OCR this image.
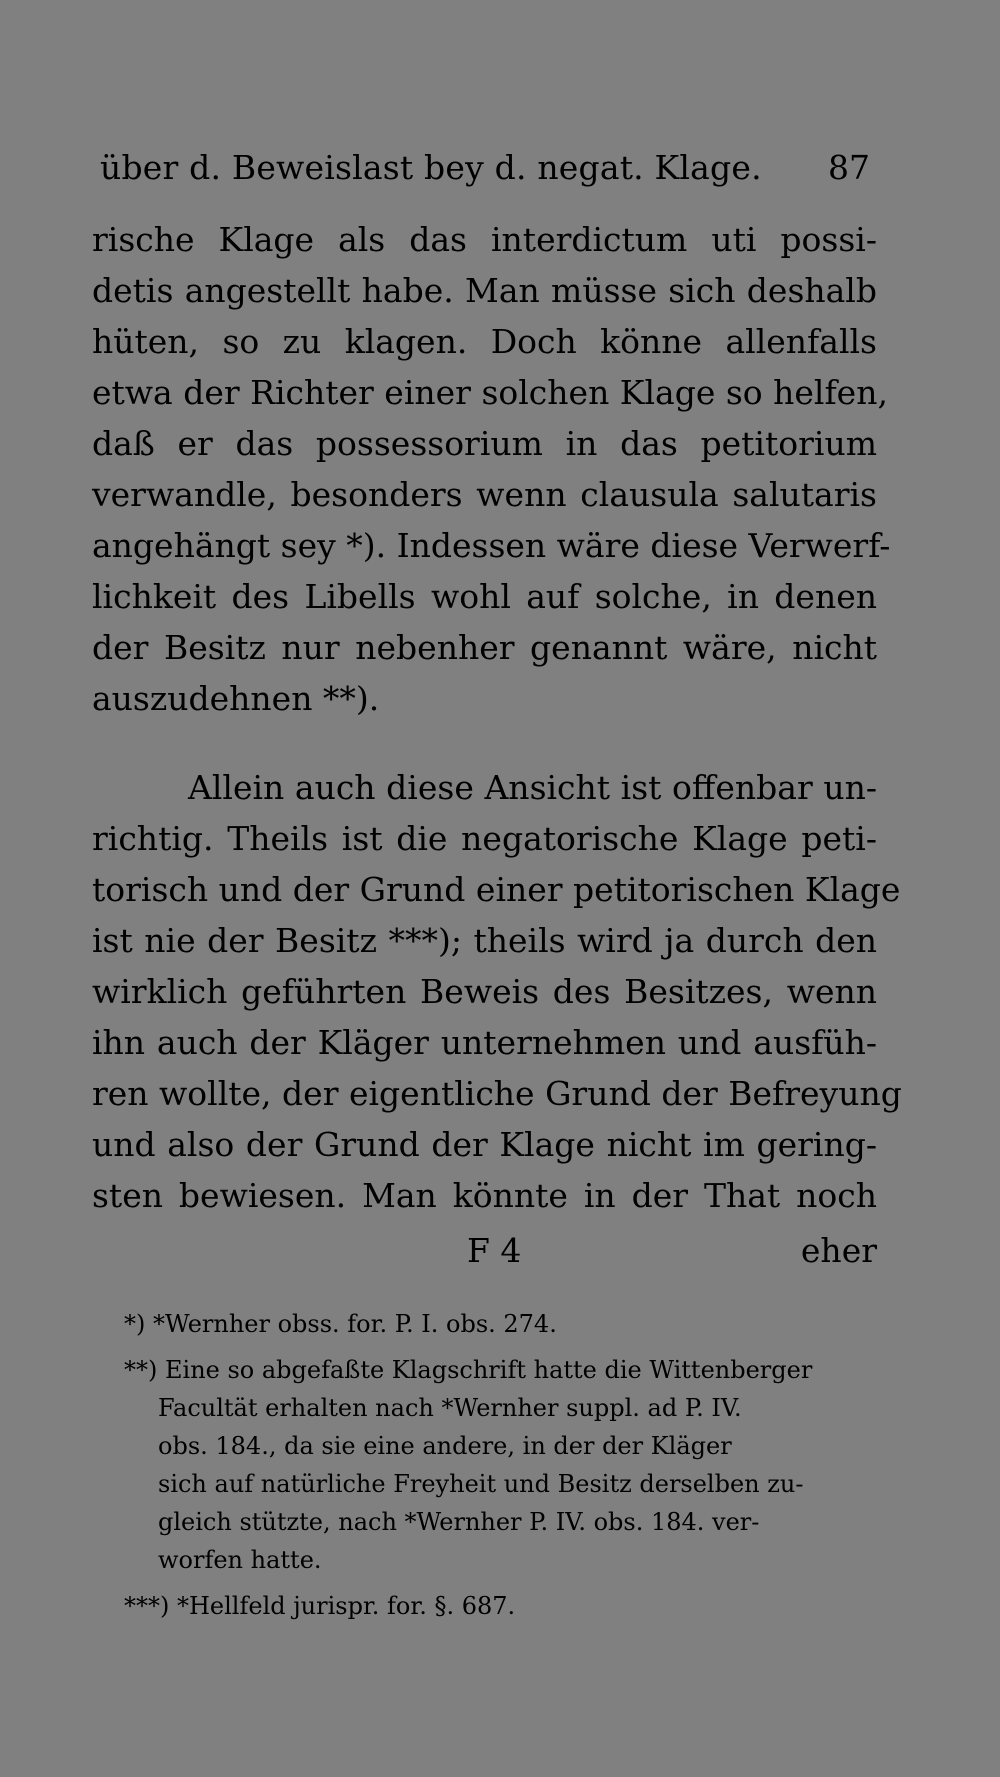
über d. Beweislast bey d. negat. Klage. 87
rische Klage als das interdictum uti possi-
detis angestellt habe. Man müsse sich deshalb
hüten, so zu klagen. Doch könne allenfalls
etwa der Richter einer solchen Klage so helfen,
daß er das possessorium in das petitorium
verwandle, besonders wenn clausula salutaris
angehängt sey *). Indessen wäre diese Verwerf-
lichkeit des Libells wohl auf solche, in denen
der Besitz nur nebenher genannt wäre, nicht
auszudehnen **).
Allein auch diese Ansicht ist offenbar un-
richtig. Theils ist die negatorische Klage peti-
torisch und der Grund einer petitorischen Klage
ist nie der Besitz ***); theils wird ja durch den
wirklich geführten Beweis des Besitzes, wenn
ihn auch der Kläger unternehmen und ausfüh-
ren wollte, der eigentliche Grund der Befreyung
und also der Grund der Klage nicht im gering-
sten bewiesen. Man könnte in der That noch
F 4	eher
*) *Wernher obss. for. P. I. obs. 274.
**) Eine so abgefaßte Klagschrift hatte die Wittenberger
Facultät erhalten nach *Wernher suppl. ad P. IV.
obs. 184., da sie eine andere, in der der Kläger
sich auf natürliche Freyheit und Besitz derselben zu-
gleich stützte, nach *Wernher P. IV. obs. 184. ver-
worfen hatte.
***) *Hellfeld jurispr. for. §. 687.
